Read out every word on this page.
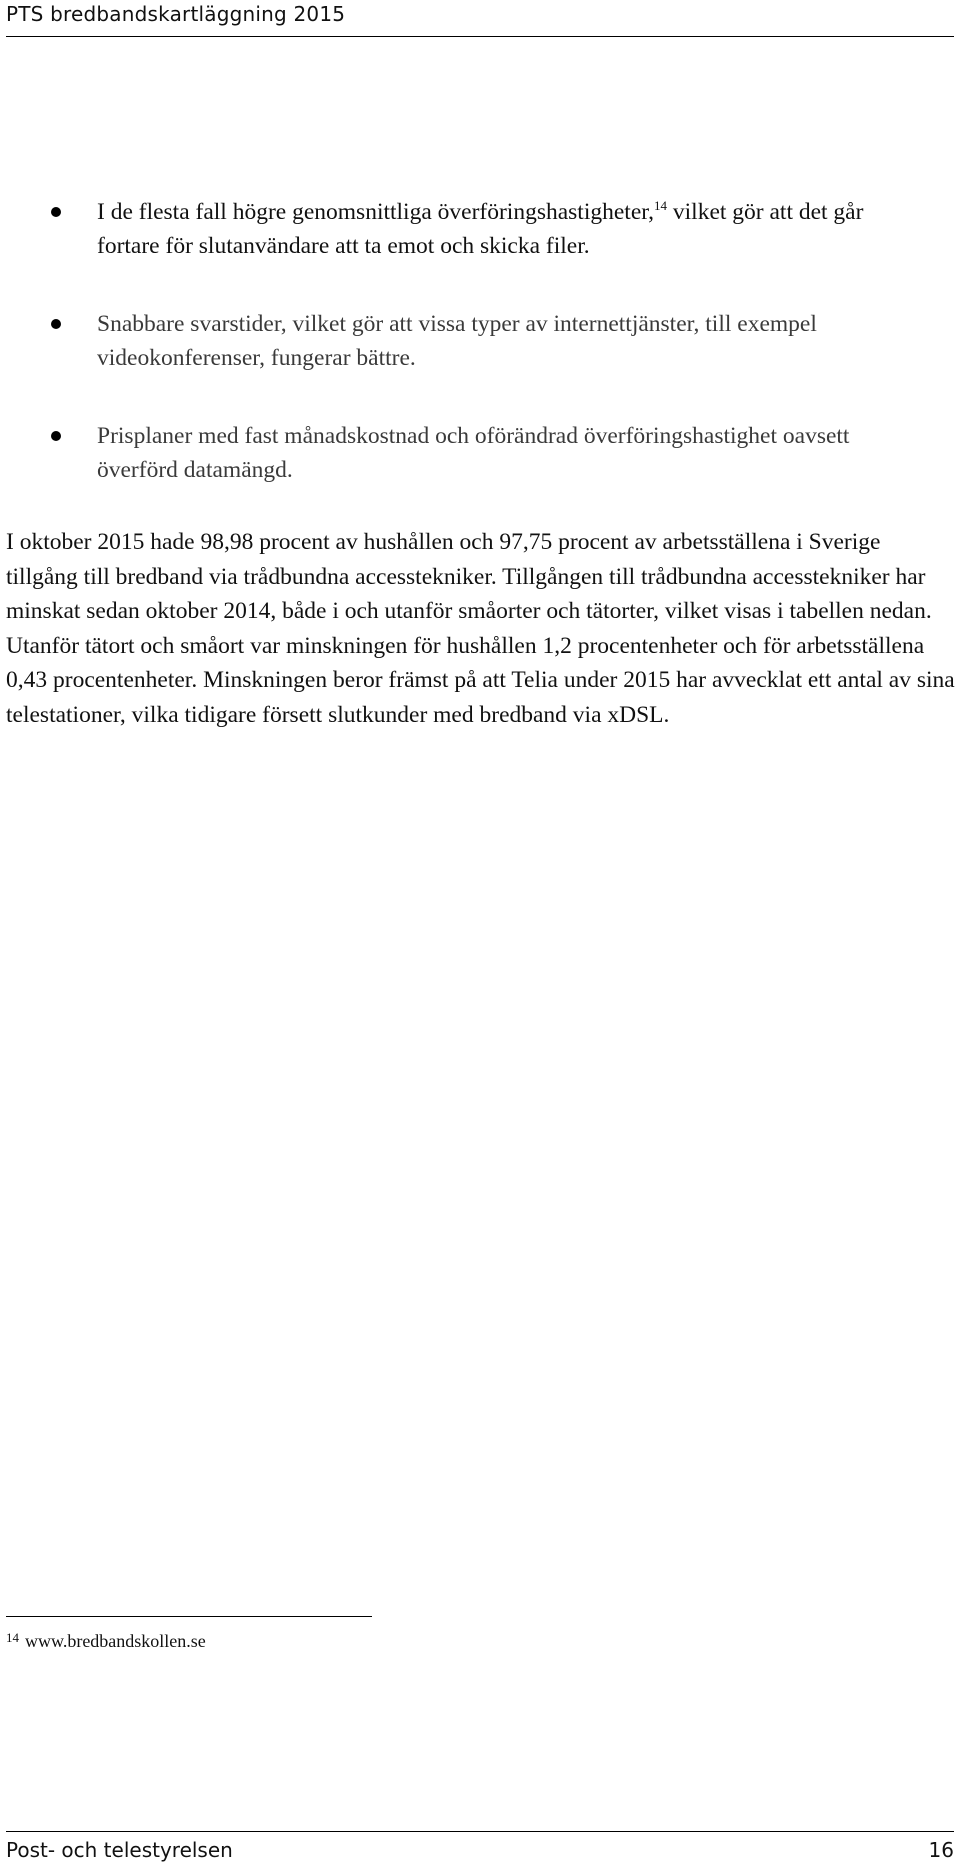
PTS bredbandskartläggning 2015
I de flesta fall högre genomsnittliga överföringshastigheter,$^{14}$ vilket gör att det går fortare för slutanvändare att ta emot och skicka filer.
Snabbare svarstider, vilket gör att vissa typer av internettjänster, till exempel videokonferenser, fungerar bättre.
Prisplaner med fast månadskostnad och oförändrad överföringshastighet oavsett överförd datamängd.

I oktober 2015 hade 98,98 procent av hushållen och 97,75 procent av arbetsställena i Sverige tillgång till bredband via trådbundna accesstekniker. Tillgången till trådbundna accesstekniker har minskat sedan oktober 2014, både i och utanför småorter och tätorter, vilket visas i tabellen nedan. Utanför tätort och småort var minskningen för hushållen 1,2 procentenheter och för arbetsställena 0,43 procentenheter. Minskningen beror främst på att Telia under 2015 har avvecklat ett antal av sina telestationer, vilka tidigare försett slutkunder med bredband via xDSL.

$^{14}$ www.bredbandskollen.se
Post- och telestyrelsen	16
